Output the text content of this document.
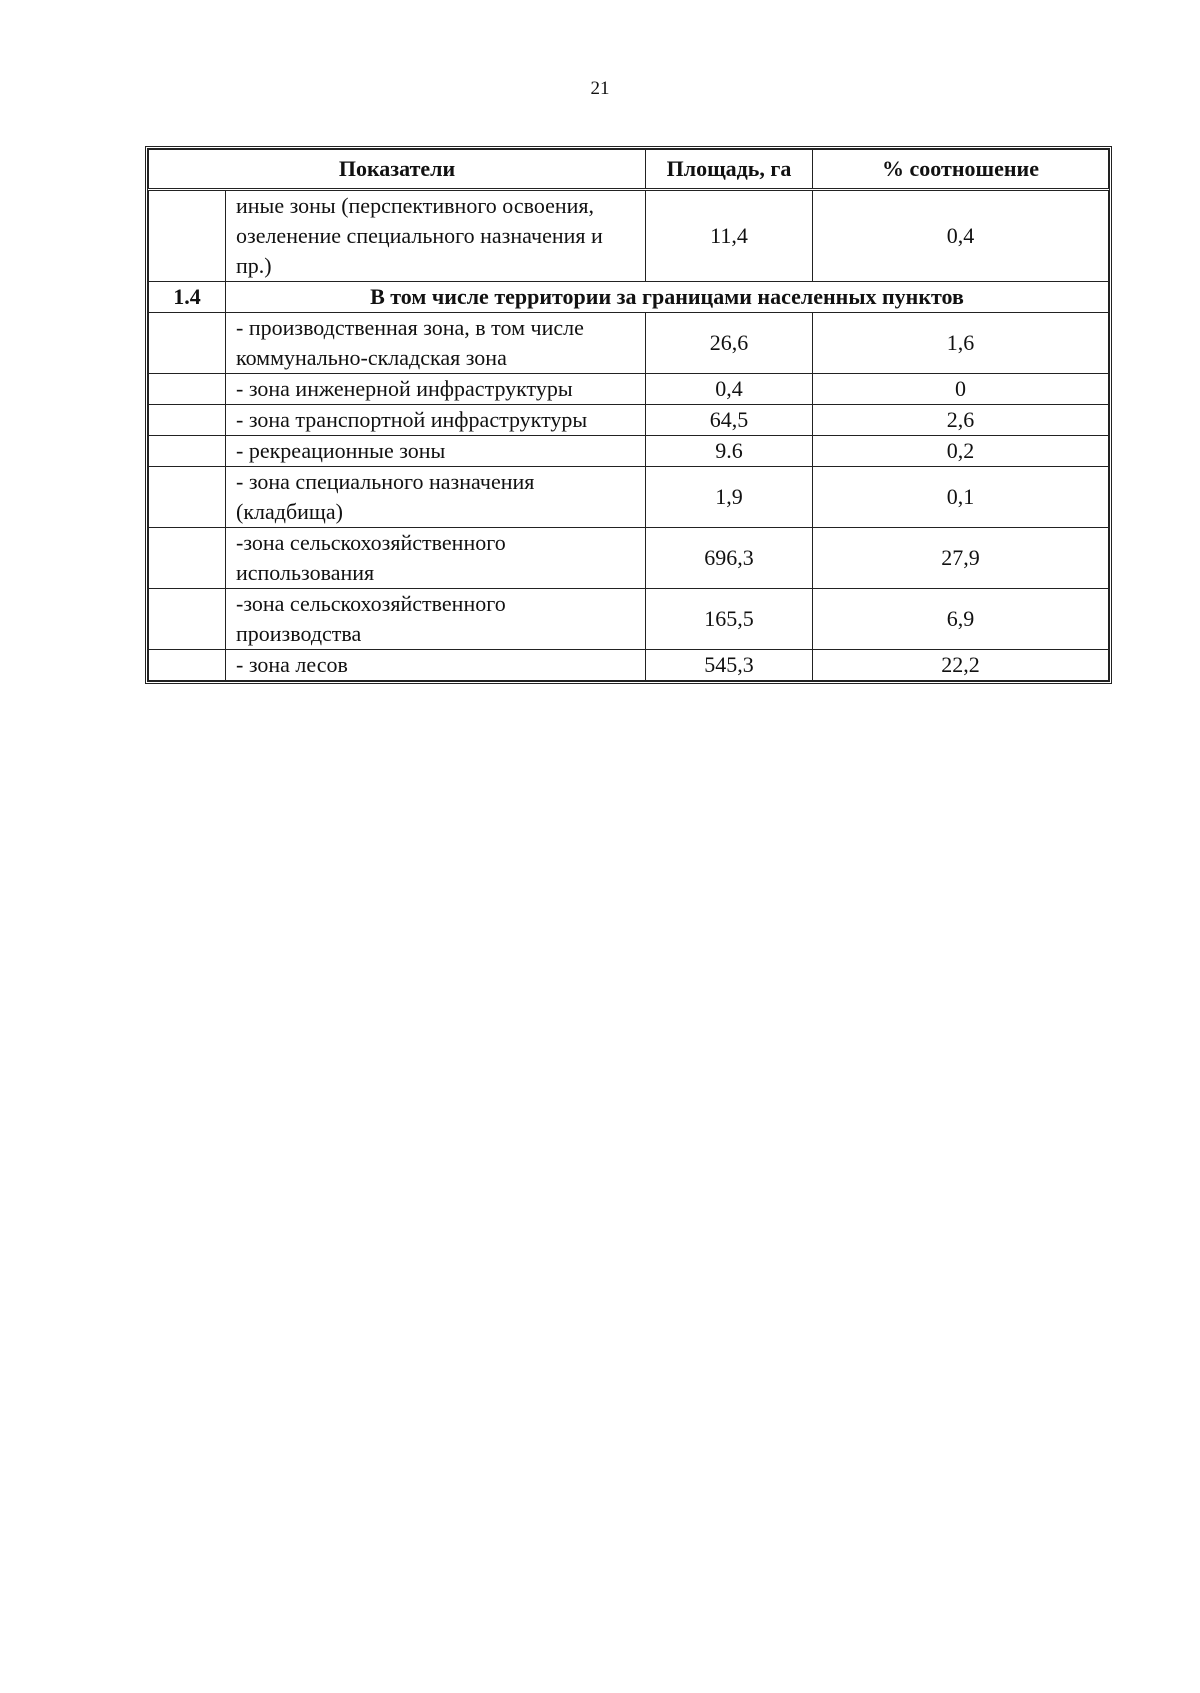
21
Показатели		Площадь, га	% соотношение
	иные зоны (перспективного освоения, озеленение специального назначения и пр.)	11,4	0,4
1.4	В том числе территории за границами населенных пунктов		
	- производственная зона, в том числе коммунально-складская зона	26,6	1,6
	- зона инженерной инфраструктуры	0,4	0
	- зона транспортной инфраструктуры	64,5	2,6
	- рекреационные зоны	9.6	0,2
	- зона специального назначения (кладбища)	1,9	0,1
	-зона сельскохозяйственного использования	696,3	27,9
	-зона сельскохозяйственного производства	165,5	6,9
	- зона лесов	545,3	22,2
